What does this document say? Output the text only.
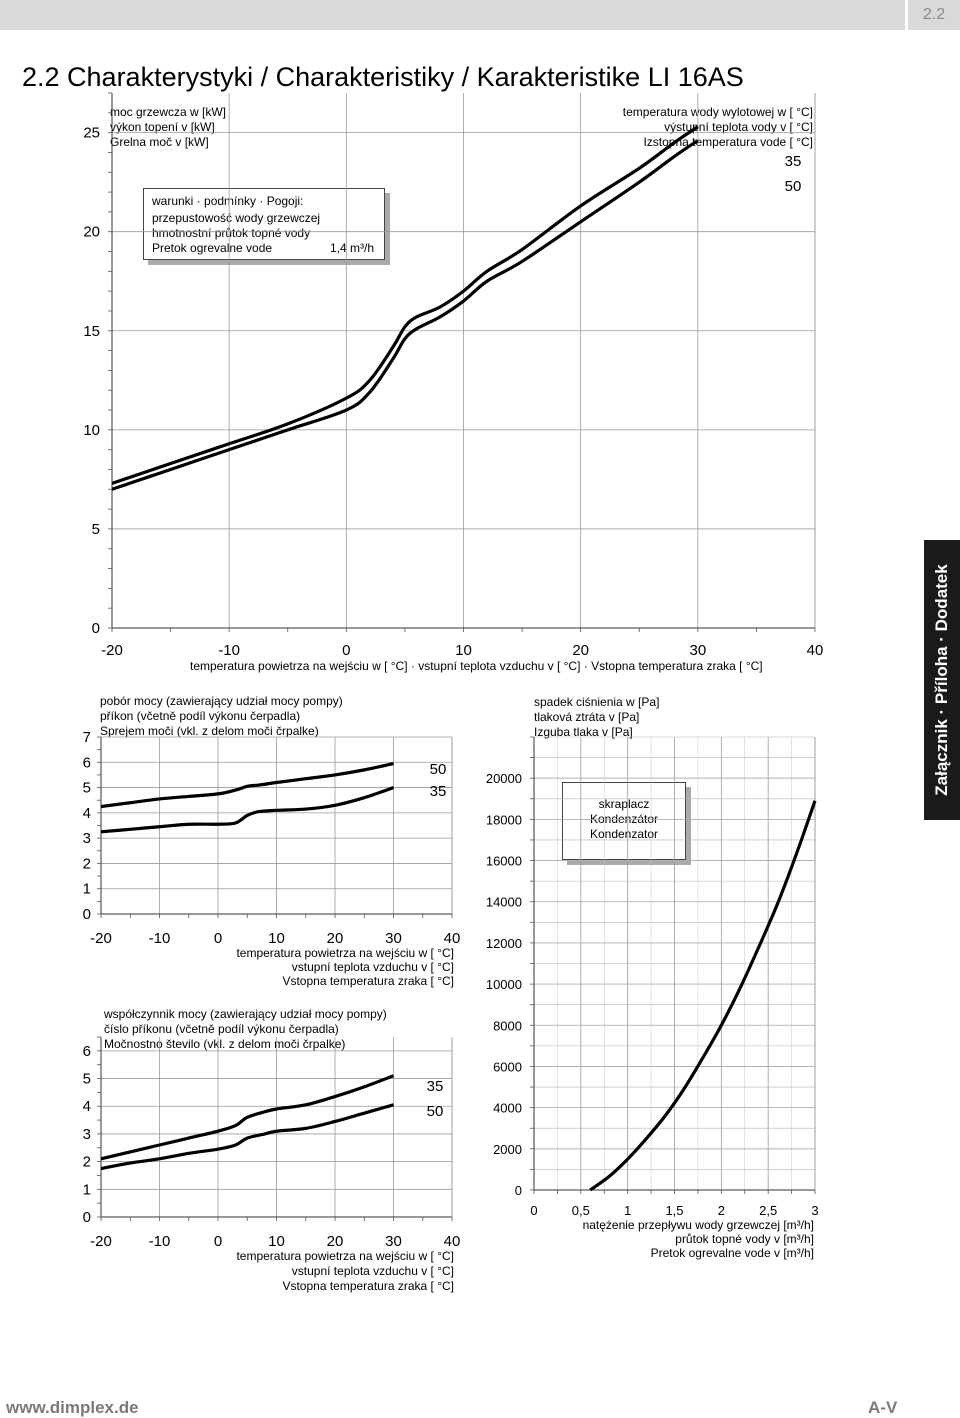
2.2
2.2 Charakterystyki / Charakteristiky / Karakteristike LI 16AS
moc grzewcza w [kW]
výkon topení v [kW]
Grelna moč v [kW]
temperatura wody wylotowej w [ °C]
výstupní teplota vody v [ °C]
Izstopna temperatura vode [ °C]
temperatura powietrza na wejściu w [ °C] · vstupní teplota vzduchu v [ °C] · Vstopna temperatura zraka [ °C]
warunki · podmínky · Pogoji:
przepustowość wody grzewczej
hmotnostní průtok topné vody
Pretok ogrevalne vode	1,4 m³/h
pobór mocy (zawierający udział mocy pompy)
příkon (včetně podíl výkonu čerpadla)
Sprejem moči (vkl. z delom moči črpalke)
temperatura powietrza na wejściu w [ °C]
vstupní teplota vzduchu v [ °C]
Vstopna temperatura zraka [ °C]
współczynnik mocy (zawierający udział mocy pompy)
číslo příkonu (včetně podíl výkonu čerpadla)
Močnostno število (vkl. z delom moči črpalke)
temperatura powietrza na wejściu w [ °C]
vstupní teplota vzduchu v [ °C]
Vstopna temperatura zraka [ °C]
spadek ciśnienia w [Pa]
tlaková ztráta v [Pa]
Izguba tlaka v [Pa]
natężenie przepływu wody grzewczej [m³/h]
průtok topné vody v [m³/h]
Pretok ogrevalne vode v [m³/h]
skraplacz
Kondenzátor
Kondenzator
-20	-10	0	10	20	30	40
0
5
10
15
20
25
35
50
-20 -10	0	10	20	30	40
0
1
2
3
4
5
6
7
50
35
-20 -10	0	10	20	30	40
0
1
2
3
4
5
6
35
50
0	0,5	1	1,5	2	2,5	3
0
2000
4000
6000
8000
10000
12000
14000
16000
18000
20000	Załącznik · Příloha · Dodatek
www.dimplex.de	A-V
